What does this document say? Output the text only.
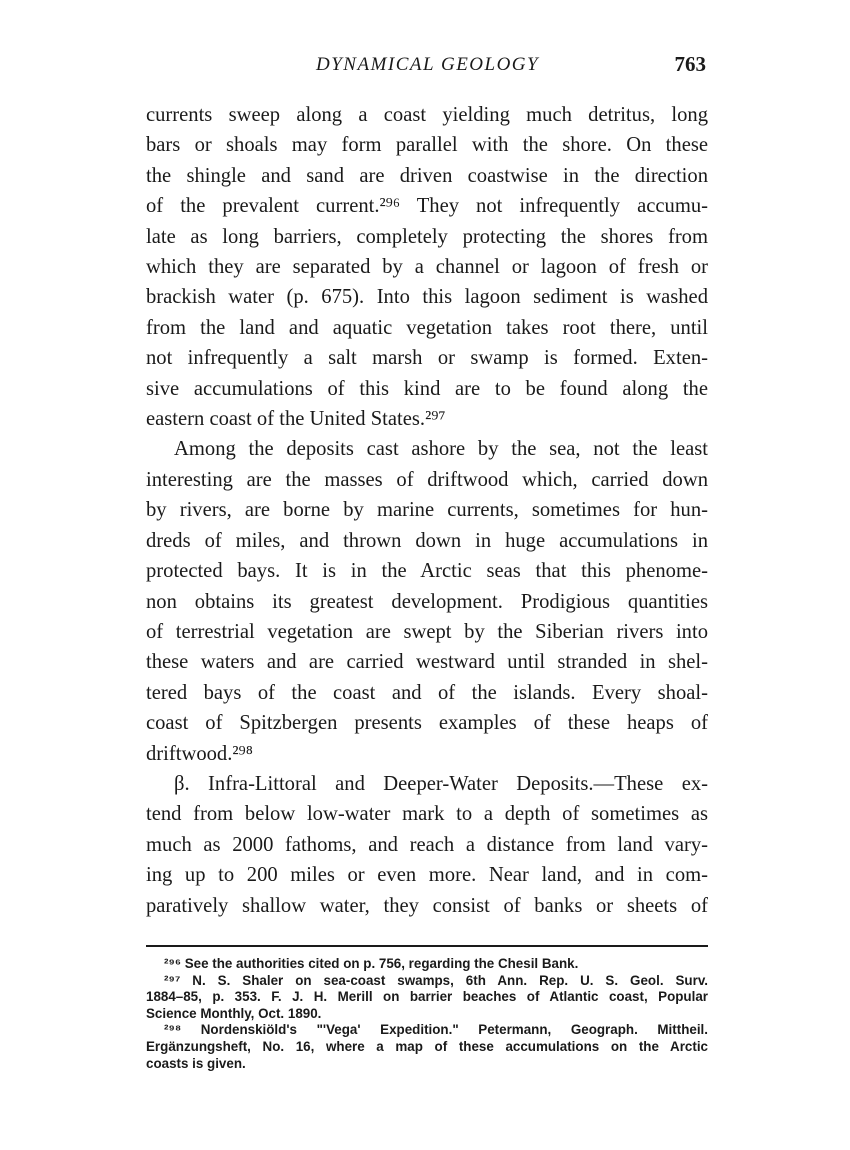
DYNAMICAL GEOLOGY	763

currents sweep along a coast yielding much detritus, long
bars or shoals may form parallel with the shore. On these
the shingle and sand are driven coastwise in the direction
of the prevalent current.²⁹⁶ They not infrequently accumu-
late as long barriers, completely protecting the shores from
which they are separated by a channel or lagoon of fresh or
brackish water (p. 675). Into this lagoon sediment is washed
from the land and aquatic vegetation takes root there, until
not infrequently a salt marsh or swamp is formed. Exten-
sive accumulations of this kind are to be found along the
eastern coast of the United States.²⁹⁷

Among the deposits cast ashore by the sea, not the least
interesting are the masses of driftwood which, carried down
by rivers, are borne by marine currents, sometimes for hun-
dreds of miles, and thrown down in huge accumulations in
protected bays. It is in the Arctic seas that this phenome-
non obtains its greatest development. Prodigious quantities
of terrestrial vegetation are swept by the Siberian rivers into
these waters and are carried westward until stranded in shel-
tered bays of the coast and of the islands. Every shoal-
coast of Spitzbergen presents examples of these heaps of
driftwood.²⁹⁸

β. Infra-Littoral and Deeper-Water Deposits.—These ex-
tend from below low-water mark to a depth of sometimes as
much as 2000 fathoms, and reach a distance from land vary-
ing up to 200 miles or even more. Near land, and in com-
paratively shallow water, they consist of banks or sheets of

²⁹⁶ See the authorities cited on p. 756, regarding the Chesil Bank.
²⁹⁷ N. S. Shaler on sea-coast swamps, 6th Ann. Rep. U. S. Geol. Surv.
1884–85, p. 353. F. J. H. Merill on barrier beaches of Atlantic coast, Popular
Science Monthly, Oct. 1890.
²⁹⁸ Nordenskiöld's "'Vega' Expedition." Petermann, Geograph. Mittheil.
Ergänzungsheft, No. 16, where a map of these accumulations on the Arctic
coasts is given.
